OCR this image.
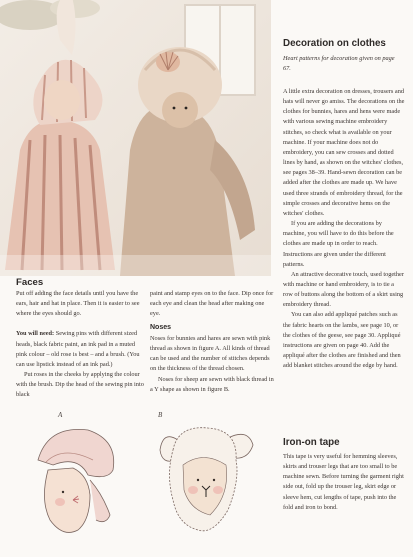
Decoration on clothes
Heart patterns for decoration given on page 67.

A little extra decoration on dresses, trousers and hats will never go amiss. The decorations on the clothes for bunnies, hares and hens were made with various sewing machine embroidery stitches, so check what is available on your machine. If your machine does not do embroidery, you can sew crosses and dotted lines by hand, as shown on the witches' clothes, see pages 38–39. Hand-sewn decoration can be added after the clothes are made up. We have used three strands of embroidery thread, for the simple crosses and decorative hems on the witches' clothes.

If you are adding the decorations by machine, you will have to do this before the clothes are made up in order to reach. Instructions are given under the different patterns.

An attractive decorative touch, used together with machine or hand embroidery, is to tie a row of buttons along the bottom of a skirt using embroidery thread.

You can also add appliqué patches such as the fabric hearts on the lambs, see page 10, or the clothes of the geese, see page 30. Appliqué instructions are given on page 40. Add the appliqué after the clothes are finished and then add blanket stitches around the edge by hand.

Iron-on tape

This tape is very useful for hemming sleeves, skirts and trouser legs that are too small to be machine sewn. Before turning the garment right side out, fold up the trouser leg, skirt edge or sleeve hem, cut lengths of tape, push into the fold and iron to bond.

Faces

Put off adding the face details until you have the ears, hair and hat in place. Then it is easier to see where the eyes should go.

You will need: Sewing pins with different sized heads, black fabric paint, an ink pad in a muted pink colour – old rose is best – and a brush. (You can use lipstick instead of an ink pad.)

Put roses in the cheeks by applying the colour with the brush. Dip the head of the sewing pin into black

paint and stamp eyes on to the face. Dip once for each eye and clean the head after making one eye.

Noses

Noses for bunnies and hares are sewn with pink thread as shown in figure A. All kinds of thread can be used and the number of stitches depends on the thickness of the thread chosen.

Noses for sheep are sewn with black thread in a Y shape as shown in figure B.

A	B
